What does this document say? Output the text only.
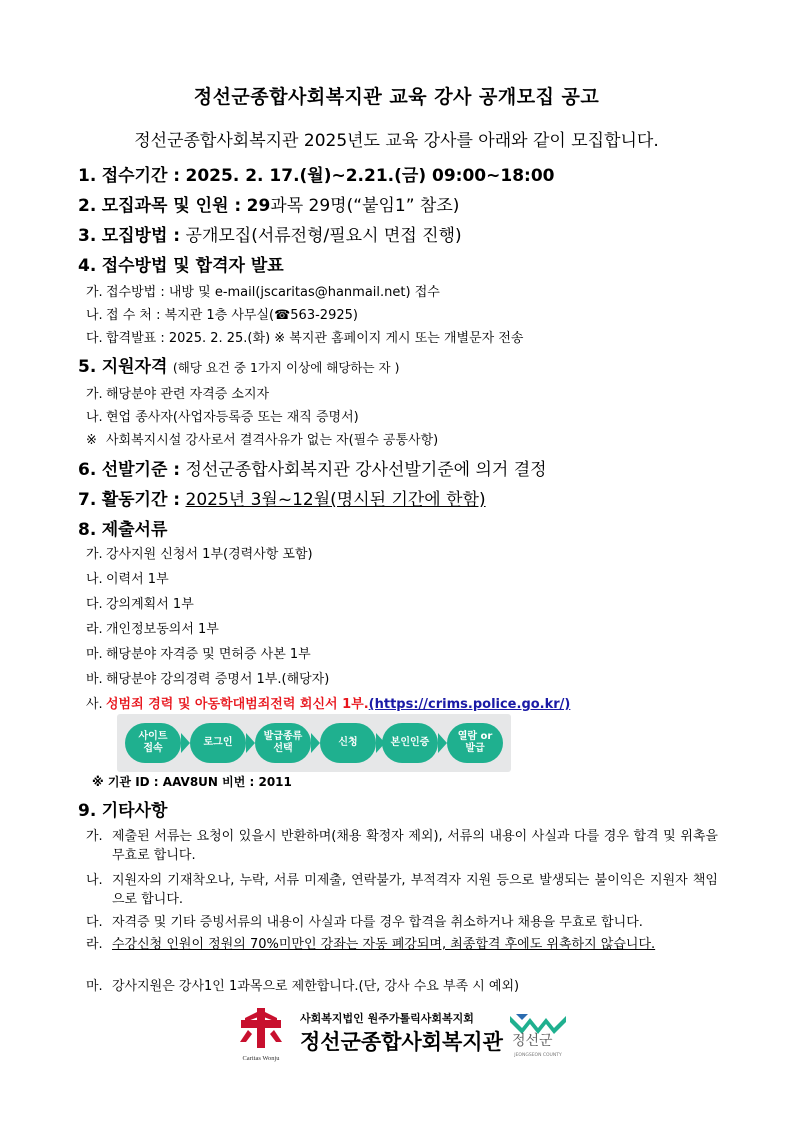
정선군종합사회복지관 교육 강사 공개모집 공고
정선군종합사회복지관 2025년도 교육 강사를 아래와 같이 모집합니다.
1. 접수기간 : 2025. 2. 17.(월)~2.21.(금) 09:00~18:00
2. 모집과목 및 인원 : 29과목 29명(“붙임1” 참조)
3. 모집방법 : 공개모집(서류전형/필요시 면접 진행)
4. 접수방법 및 합격자 발표
가. 접수방법 : 내방 및 e-mail(jscaritas@hanmail.net) 접수
나. 접 수 처 : 복지관 1층 사무실(☎563-2925)
다. 합격발표 : 2025. 2. 25.(화) ※ 복지관 홈페이지 게시 또는 개별문자 전송
5. 지원자격 (해당 요건 중 1가지 이상에 해당하는 자 )
가. 해당분야 관련 자격증 소지자
나. 현업 종사자(사업자등록증 또는 재직 증명서)
※ 사회복지시설 강사로서 결격사유가 없는 자(필수 공통사항)
6. 선발기준 : 정선군종합사회복지관 강사선발기준에 의거 결정
7. 활동기간 : 2025년 3월~12월(명시된 기간에 한함)
8. 제출서류
가. 강사지원 신청서 1부(경력사항 포함)
나. 이력서 1부
다. 강의계획서 1부
라. 개인정보동의서 1부
마. 해당분야 자격증 및 면허증 사본 1부
바. 해당분야 강의경력 증명서 1부.(해당자)
사. 성범죄 경력 및 아동학대범죄전력 회신서 1부.(https://crims.police.go.kr/)
사이트
접속
로그인
발급종류
선택
신청	본인인증
열람 or
발급
※ 기관 ID : AAV8UN 비번 : 2011
9. 기타사항
가. 제출된 서류는 요청이 있을시 반환하며(채용 확정자 제외), 서류의 내용이 사실과 다를 경우 합격 및 위촉을 무효로 합니다.
나. 지원자의 기재착오나, 누락, 서류 미제출, 연락불가, 부적격자 지원 등으로 발생되는 불이익은 지원자 책임으로 합니다.
다. 자격증 및 기타 증빙서류의 내용이 사실과 다를 경우 합격을 취소하거나 채용을 무효로 합니다.
라. 수강신청 인원이 정원의 70%미만인 강좌는 자동 폐강되며, 최종합격 후에도 위촉하지 않습니다.
마. 강사지원은 강사1인 1과목으로 제한합니다.(단, 강사 수요 부족 시 예외)
Caritas Wonju
사회복지법인 원주가톨릭사회복지회
정선군종합사회복지관
JEONGSEON COUNTY
정선군
